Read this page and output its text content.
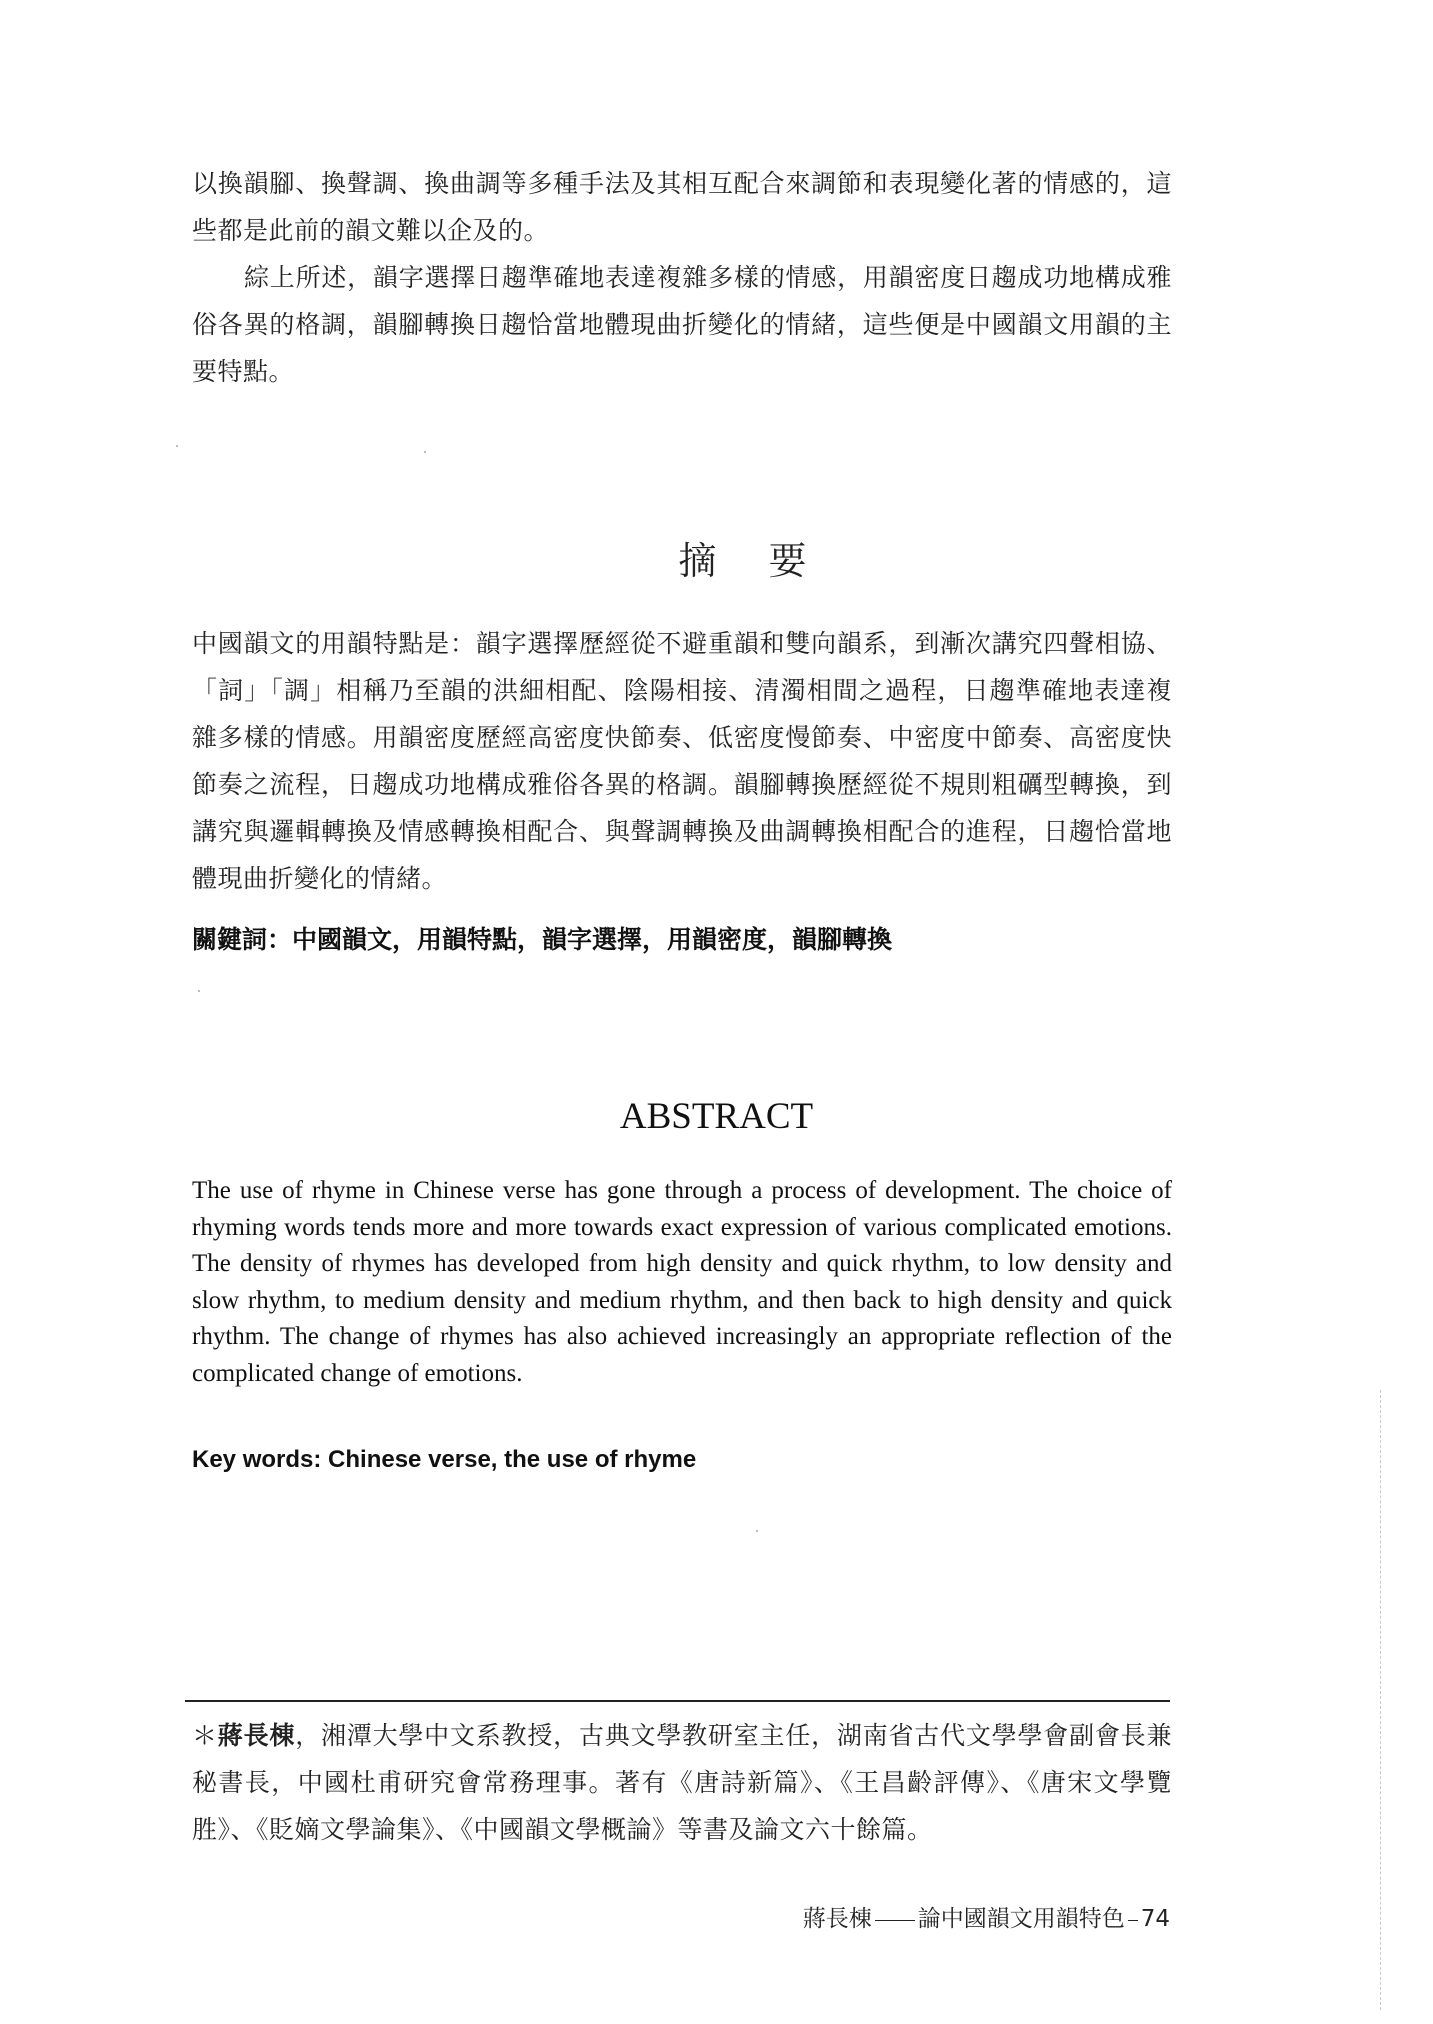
以換韻腳、換聲調、換曲調等多種手法及其相互配合來調節和表現變化著的情感的，這些都是此前的韻文難以企及的。

綜上所述，韻字選擇日趨準確地表達複雜多樣的情感，用韻密度日趨成功地構成雅俗各異的格調，韻腳轉換日趨恰當地體現曲折變化的情緒，這些便是中國韻文用韻的主要特點。

摘要

中國韻文的用韻特點是：韻字選擇歷經從不避重韻和雙向韻系，到漸次講究四聲相協、「詞」「調」相稱乃至韻的洪細相配、陰陽相接、清濁相間之過程，日趨準確地表達複雜多樣的情感。用韻密度歷經高密度快節奏、低密度慢節奏、中密度中節奏、高密度快節奏之流程，日趨成功地構成雅俗各異的格調。韻腳轉換歷經從不規則粗礪型轉換，到講究與邏輯轉換及情感轉換相配合、與聲調轉換及曲調轉換相配合的進程，日趨恰當地體現曲折變化的情緒。

關鍵詞：中國韻文，用韻特點，韻字選擇，用韻密度，韻腳轉換
ABSTRACT

The use of rhyme in Chinese verse has gone through a process of development. The choice of rhyming words tends more and more towards exact expression of various complicated emotions. The density of rhymes has developed from high density and quick rhythm, to low density and slow rhythm, to medium density and medium rhythm, and then back to high density and quick rhythm. The change of rhymes has also achieved increasingly an appropriate reflection of the complicated change of emotions.

Key words: Chinese verse, the use of rhyme

＊蔣長棟，湘潭大學中文系教授，古典文學教研室主任，湖南省古代文學學會副會長兼秘書長，中國杜甫研究會常務理事。著有《唐詩新篇》、《王昌齡評傳》、《唐宋文學覽胜》、《貶嫡文學論集》、《中國韻文學概論》等書及論文六十餘篇。

蔣長棟 論中國韻文用韻特色 74
